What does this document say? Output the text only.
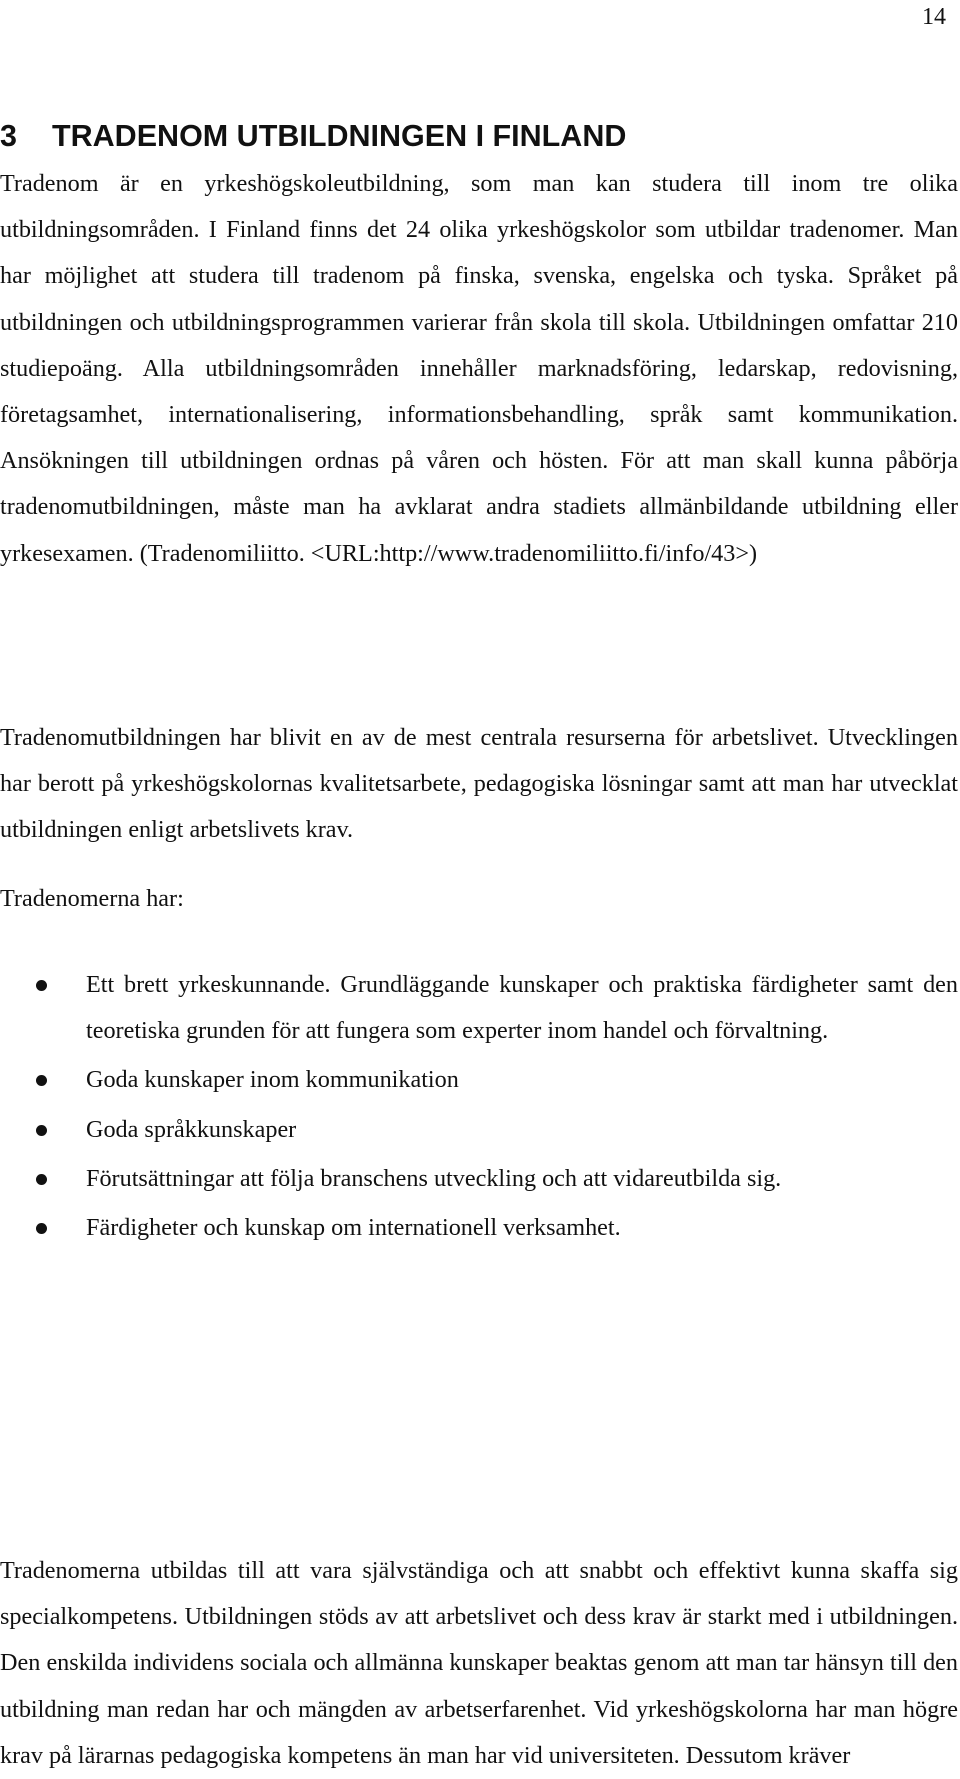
14
3 TRADENOM UTBILDNINGEN I FINLAND

Tradenom är en yrkeshögskoleutbildning, som man kan studera till inom tre olika utbildningsområden. I Finland finns det 24 olika yrkeshögskolor som utbildar tradenomer. Man har möjlighet att studera till tradenom på finska, svenska, engelska och tyska. Språket på utbildningen och utbildningsprogrammen varierar från skola till skola. Utbildningen omfattar 210 studiepoäng. Alla utbildningsområden innehåller marknadsföring, ledarskap, redovisning, företagsamhet, internationalisering, informationsbehandling, språk samt kommunikation. Ansökningen till utbildningen ordnas på våren och hösten. För att man skall kunna påbörja tradenomutbildningen, måste man ha avklarat andra stadiets allmänbildande utbildning eller yrkesexamen. (Tradenomiliitto. <URL:http://www.tradenomiliitto.fi/info/43>)

Tradenomutbildningen har blivit en av de mest centrala resurserna för arbetslivet. Utvecklingen har berott på yrkeshögskolornas kvalitetsarbete, pedagogiska lösningar samt att man har utvecklat utbildningen enligt arbetslivets krav.

Tradenomerna har:

Ett brett yrkeskunnande. Grundläggande kunskaper och praktiska färdigheter samt den teoretiska grunden för att fungera som experter inom handel och förvaltning.
Goda kunskaper inom kommunikation
Goda språkkunskaper
Förutsättningar att följa branschens utveckling och att vidareutbilda sig.
Färdigheter och kunskap om internationell verksamhet.

Tradenomerna utbildas till att vara självständiga och att snabbt och effektivt kunna skaffa sig specialkompetens. Utbildningen stöds av att arbetslivet och dess krav är starkt med i utbildningen. Den enskilda individens sociala och allmänna kunskaper beaktas genom att man tar hänsyn till den utbildning man redan har och mängden av arbetserfarenhet. Vid yrkeshögskolorna har man högre krav på lärarnas pedagogiska kompetens än man har vid universiteten. Dessutom kräver
